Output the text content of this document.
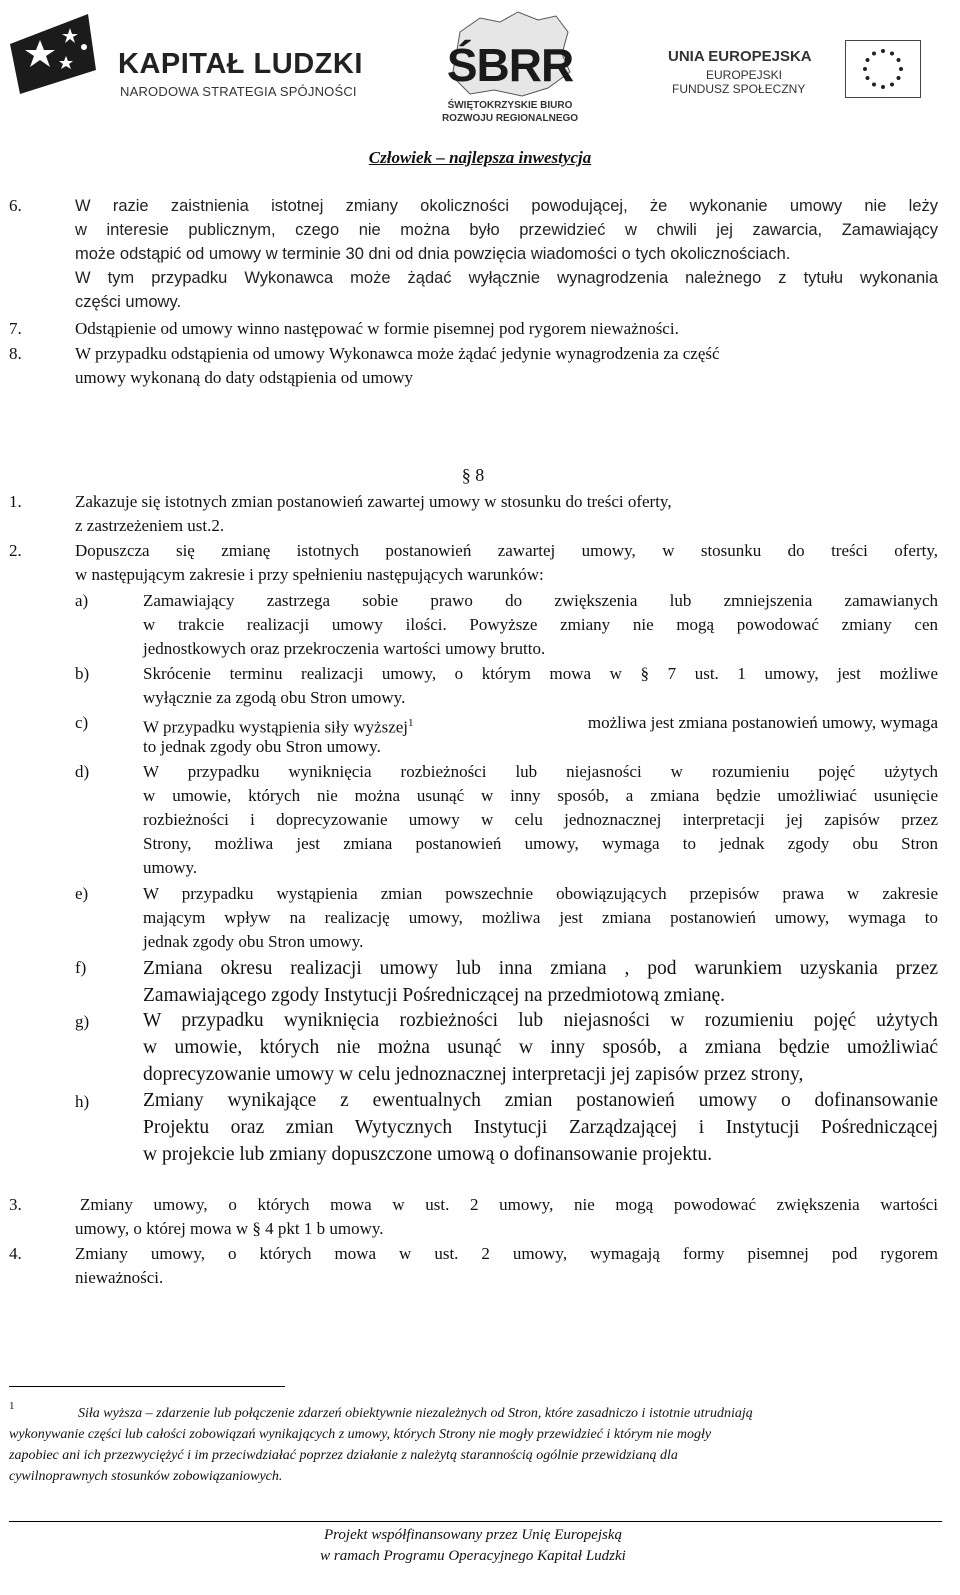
KAPITAŁ LUDZKI
NARODOWA STRATEGIA SPÓJNOŚCI
ŚBRR
ŚWIĘTOKRZYSKIE BIURO
ROZWOJU REGIONALNEGO
UNIA EUROPEJSKA
EUROPEJSKI
FUNDUSZ SPOŁECZNY
Człowiek – najlepsza inwestycja
6.	W razie zaistnienia istotnej zmiany okoliczności powodującej, że wykonanie umowy nie leży
w interesie publicznym, czego nie można było przewidzieć w chwili jej zawarcia, Zamawiający
może odstąpić od umowy w terminie 30 dni od dnia powzięcia wiadomości o tych okolicznościach.
W tym przypadku Wykonawca może żądać wyłącznie wynagrodzenia należnego z tytułu wykonania
części umowy.
7.	Odstąpienie od umowy winno następować w formie pisemnej pod rygorem nieważności.
8.	W przypadku odstąpienia od umowy Wykonawca może żądać jedynie wynagrodzenia za część
umowy wykonaną do daty odstąpienia od umowy
§ 8
1.	Zakazuje się istotnych zmian postanowień zawartej umowy w stosunku do treści oferty,
z zastrzeżeniem ust.2.
2.	Dopuszcza się zmianę istotnych postanowień zawartej umowy, w stosunku do treści oferty,
w następującym zakresie i przy spełnieniu następujących warunków:
a)	Zamawiający zastrzega sobie prawo do zwiększenia lub zmniejszenia zamawianych
w trakcie realizacji umowy ilości. Powyższe zmiany nie mogą powodować zmiany cen
jednostkowych oraz przekroczenia wartości umowy brutto.
b)	Skrócenie terminu realizacji umowy, o którym mowa w § 7 ust. 1 umowy, jest możliwe
wyłącznie za zgodą obu Stron umowy.
c)	W przypadku wystąpienia siły wyższej$^1$	możliwa jest zmiana postanowień umowy, wymaga
to jednak zgody obu Stron umowy.
d)	W przypadku wyniknięcia rozbieżności lub niejasności w rozumieniu pojęć użytych
w umowie, których nie można usunąć w inny sposób, a zmiana będzie umożliwiać usunięcie
rozbieżności i doprecyzowanie umowy w celu jednoznacznej interpretacji jej zapisów przez
Strony, możliwa jest zmiana postanowień umowy, wymaga to jednak zgody obu Stron
umowy.
e)	W przypadku wystąpienia zmian powszechnie obowiązujących przepisów prawa w zakresie
mającym wpływ na realizację umowy, możliwa jest zmiana postanowień umowy, wymaga to
jednak zgody obu Stron umowy.
f)	Zmiana okresu realizacji umowy lub inna zmiana , pod warunkiem uzyskania przez
Zamawiającego zgody Instytucji Pośredniczącej na przedmiotową zmianę.
g)	W przypadku wyniknięcia rozbieżności lub niejasności w rozumieniu pojęć użytych
w umowie, których nie można usunąć w inny sposób, a zmiana będzie umożliwiać
doprecyzowanie umowy w celu jednoznacznej interpretacji jej zapisów przez strony,
h)	Zmiany wynikające z ewentualnych zmian postanowień umowy o dofinansowanie
Projektu oraz zmian Wytycznych Instytucji Zarządzającej i Instytucji Pośredniczącej
w projekcie lub zmiany dopuszczone umową o dofinansowanie projektu.
3.	Zmiany umowy, o których mowa w ust. 2 umowy, nie mogą powodować zwiększenia wartości
umowy, o której mowa w § 4 pkt 1 b umowy.
4.	Zmiany umowy, o których mowa w ust. 2 umowy, wymagają formy pisemnej pod rygorem
nieważności.
1	Siła wyższa – zdarzenie lub połączenie zdarzeń obiektywnie niezależnych od Stron, które zasadniczo i istotnie utrudniają
wykonywanie części lub całości zobowiązań wynikających z umowy, których Strony nie mogły przewidzieć i którym nie mogły
zapobiec ani ich przezwyciężyć i im przeciwdziałać poprzez działanie z należytą starannością ogólnie przewidzianą dla
cywilnoprawnych stosunków zobowiązaniowych.
Projekt współfinansowany przez Unię Europejską
w ramach Programu Operacyjnego Kapitał Ludzki
